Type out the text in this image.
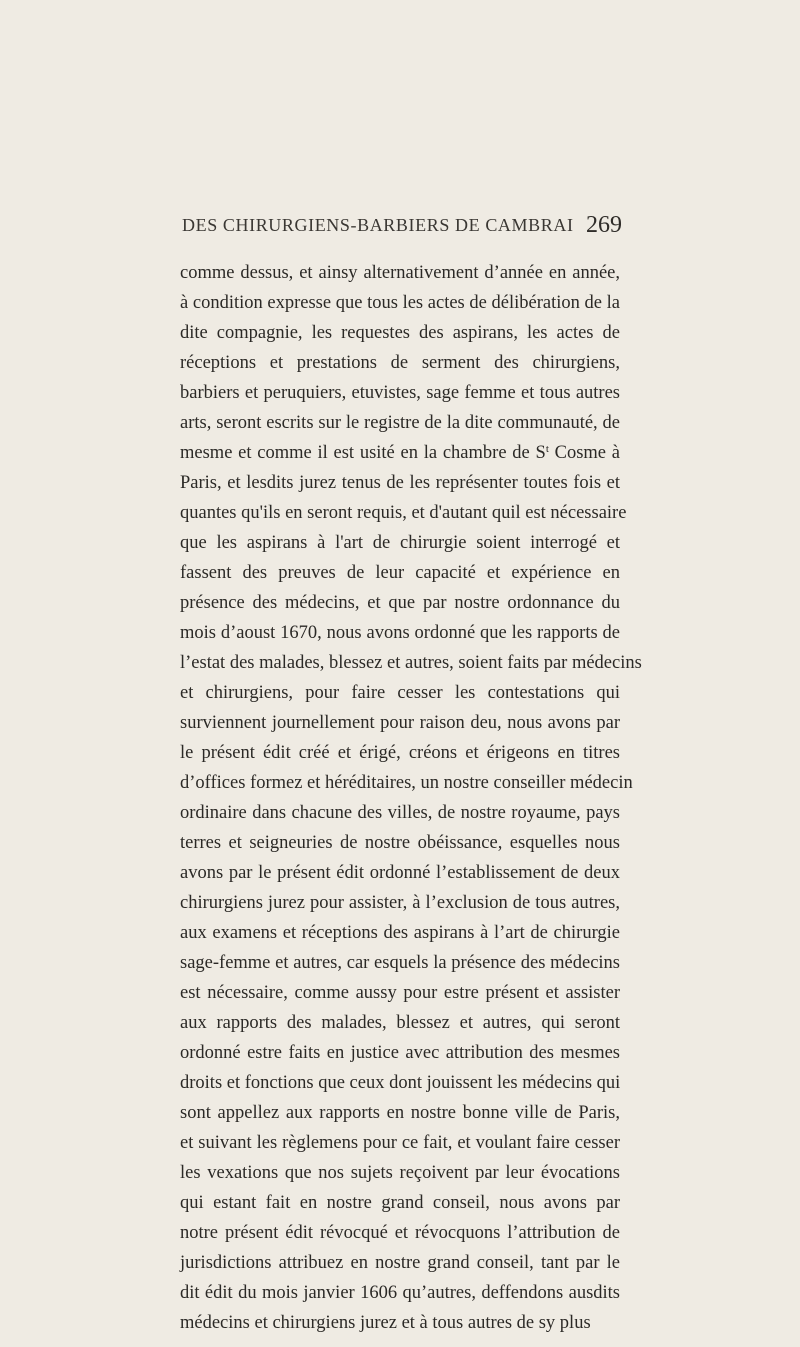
DES CHIRURGIENS-BARBIERS DE CAMBRAI 269
comme dessus, et ainsy alternativement d’année en année,
à condition expresse que tous les actes de délibération de la
dite compagnie, les requestes des aspirans, les actes de
réceptions et prestations de serment des chirurgiens,
barbiers et peruquiers, etuvistes, sage femme et tous autres
arts, seront escrits sur le registre de la dite communauté, de
mesme et comme il est usité en la chambre de $S^t$ Cosme à
Paris, et lesdits jurez tenus de les représenter toutes fois et
quantes qu'ils en seront requis, et d'autant quil est nécessaire
que les aspirans à l'art de chirurgie soient interrogé et
fassent des preuves de leur capacité et expérience en
présence des médecins, et que par nostre ordonnance du
mois d’aoust 1670, nous avons ordonné que les rapports de
l’estat des malades, blessez et autres, soient faits par médecins
et chirurgiens, pour faire cesser les contestations qui
surviennent journellement pour raison deu, nous avons par
le présent édit créé et érigé, créons et érigeons en titres
d’offices formez et héréditaires, un nostre conseiller médecin
ordinaire dans chacune des villes, de nostre royaume, pays
terres et seigneuries de nostre obéissance, esquelles nous
avons par le présent édit ordonné l’establissement de deux
chirurgiens jurez pour assister, à l’exclusion de tous autres,
aux examens et réceptions des aspirans à l’art de chirurgie
sage-femme et autres, car esquels la présence des médecins
est nécessaire, comme aussy pour estre présent et assister
aux rapports des malades, blessez et autres, qui seront
ordonné estre faits en justice avec attribution des mesmes
droits et fonctions que ceux dont jouissent les médecins qui
sont appellez aux rapports en nostre bonne ville de Paris,
et suivant les règlemens pour ce fait, et voulant faire cesser
les vexations que nos sujets reçoivent par leur évocations
qui estant fait en nostre grand conseil, nous avons par
notre présent édit révocqué et révocquons l’attribution de
jurisdictions attribuez en nostre grand conseil, tant par le
dit édit du mois janvier 1606 qu’autres, deffendons ausdits
médecins et chirurgiens jurez et à tous autres de sy plus
